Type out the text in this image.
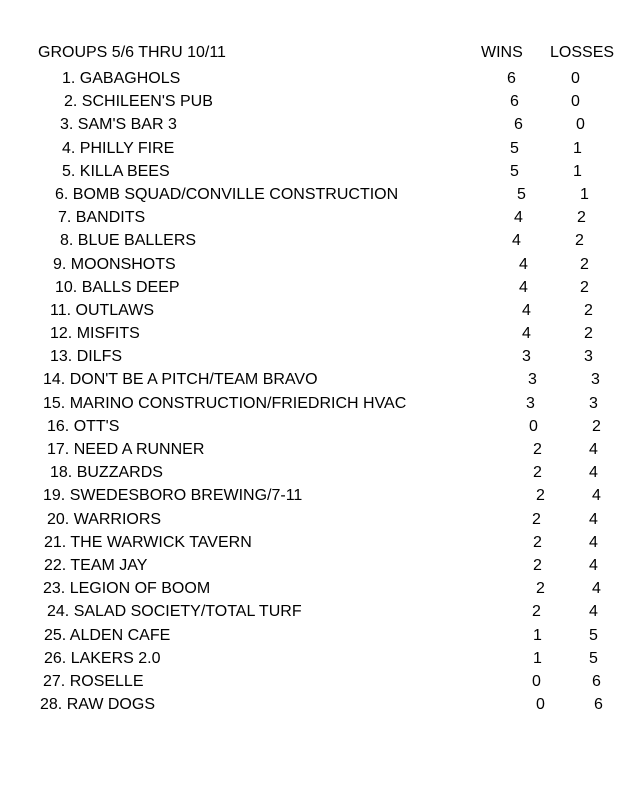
GROUPS 5/6 THRU 10/11	WINS LOSSES
1. GABAGHOLS	6	0
2. SCHILEEN'S PUB	6	0
3. SAM'S BAR 3	6	0
4. PHILLY FIRE	5	1
5. KILLA BEES	5	1
6. BOMB SQUAD/CONVILLE CONSTRUCTION	5	1
7. BANDITS	4	2
8. BLUE BALLERS	4	2
9. MOONSHOTS	4	2
10. BALLS DEEP	4	2
11. OUTLAWS	4	2
12. MISFITS	4	2
13. DILFS	3	3
14. DON'T BE A PITCH/TEAM BRAVO	3	3
15. MARINO CONSTRUCTION/FRIEDRICH HVAC	3	3
16. OTT'S	0	2
17. NEED A RUNNER	2	4
18. BUZZARDS	2	4
19. SWEDESBORO BREWING/7-11	2	4
20. WARRIORS	2	4
21. THE WARWICK TAVERN	2	4
22. TEAM JAY	2	4
23. LEGION OF BOOM	2	4
24. SALAD SOCIETY/TOTAL TURF	2	4
25. ALDEN CAFE	1	5
26. LAKERS 2.0	1	5
27. ROSELLE	0	6
28. RAW DOGS	0	6
